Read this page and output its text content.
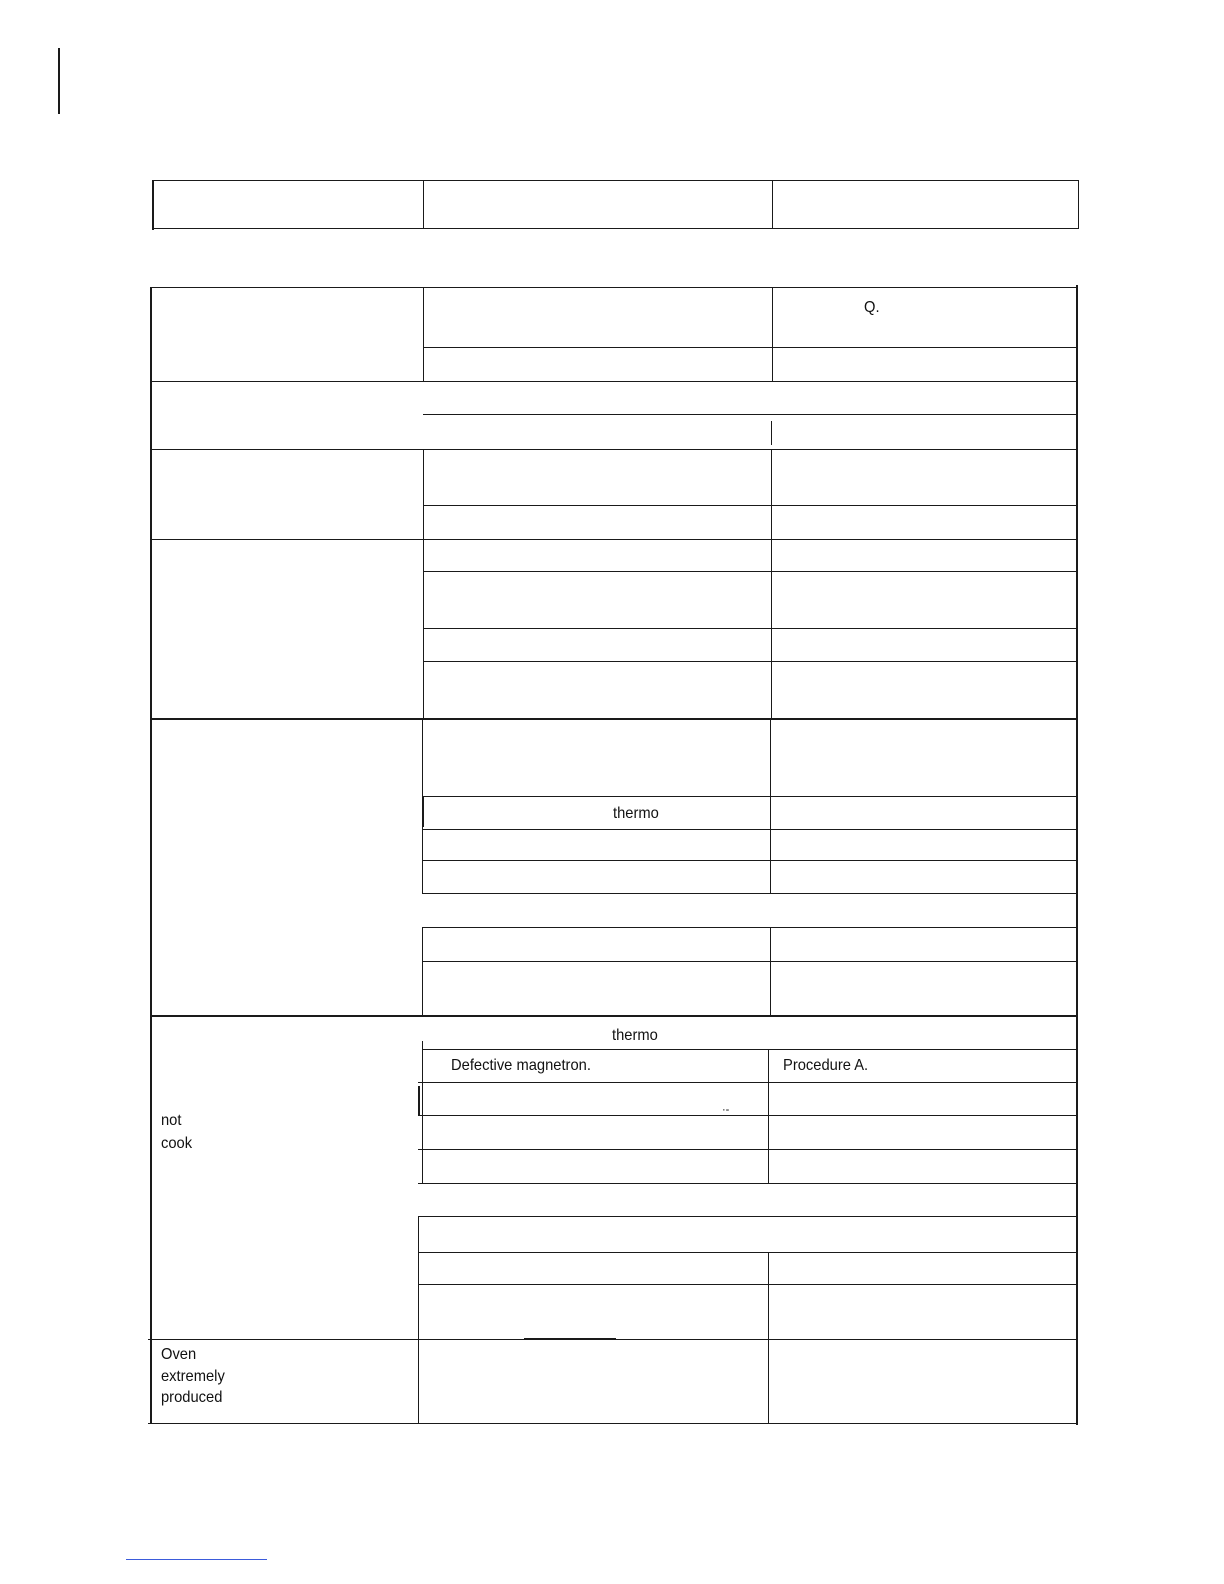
Q.
thermo
thermo
Defective magnetron.	Procedure A.
·-
not
cook
Oven
extremely
produced
